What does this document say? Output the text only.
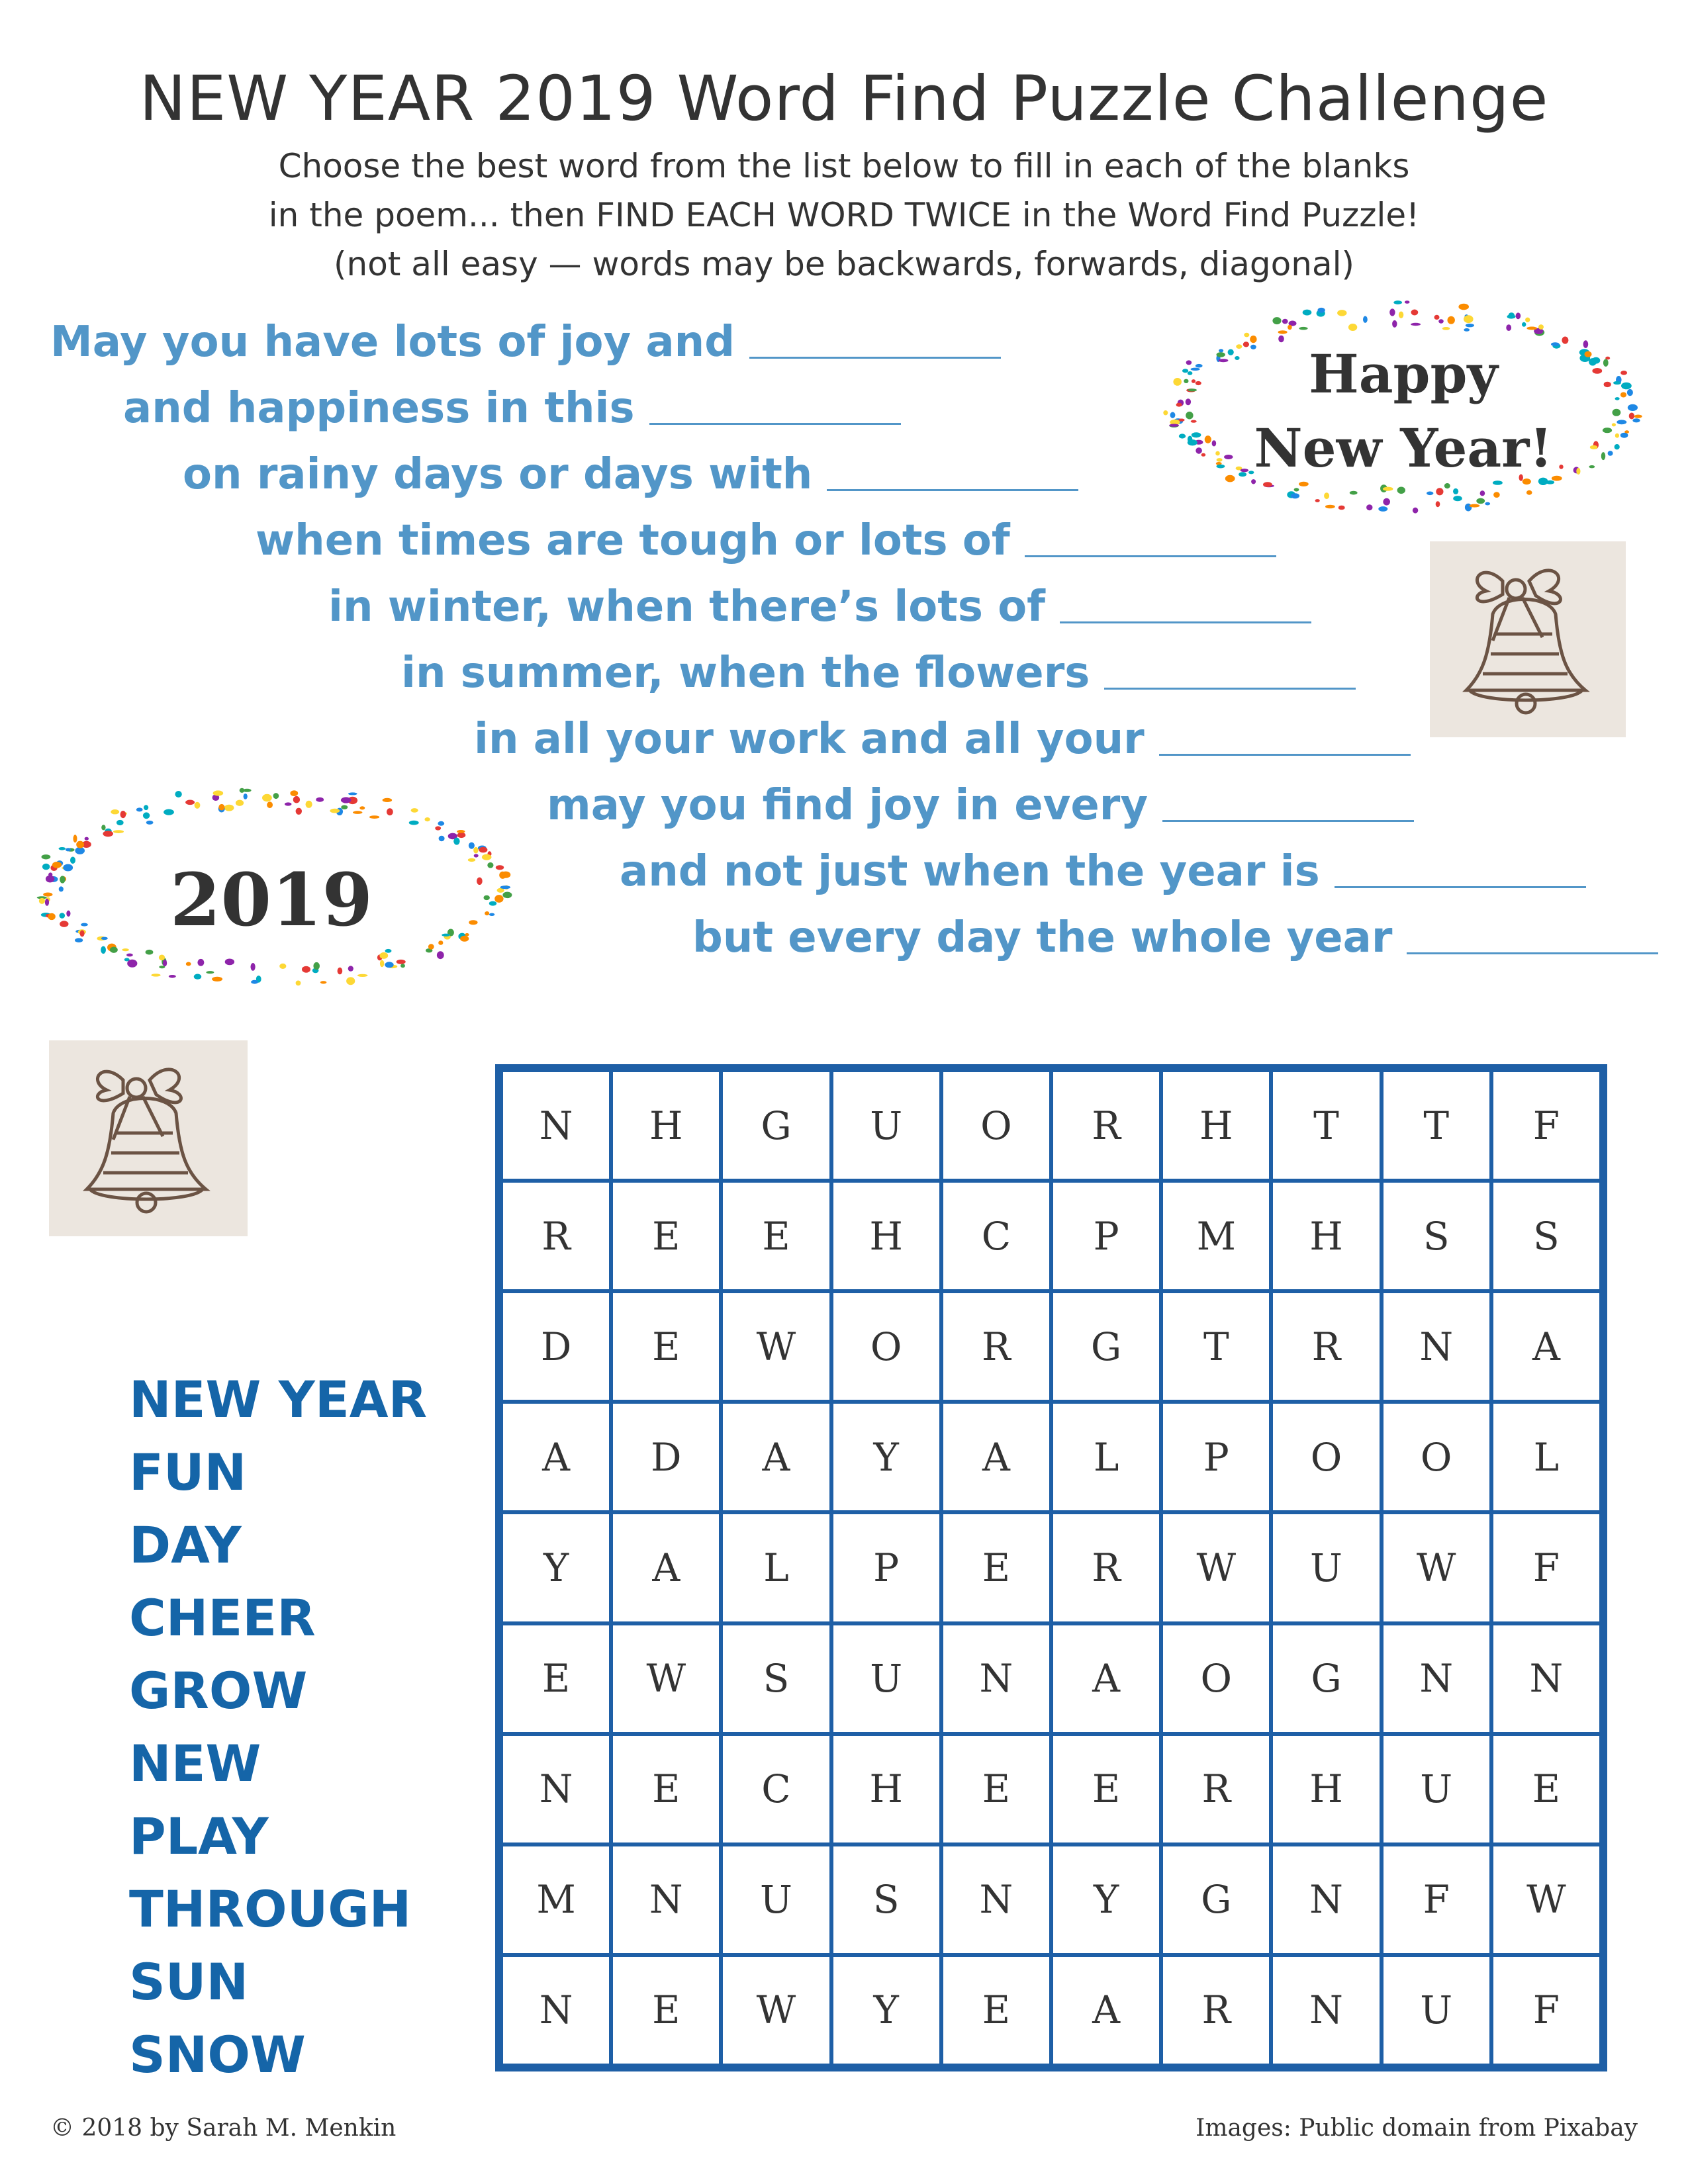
NEW YEAR 2019 Word Find Puzzle Challenge
Choose the best word from the list below to fill in each of the blanks
in the poem... then FIND EACH WORD TWICE in the Word Find Puzzle!
(not all easy — words may be backwards, forwards, diagonal)
May you have lots of joy and
and happiness in this
on rainy days or days with
when times are tough or lots of
in winter, when there’s lots of
in summer, when the flowers
in all your work and all your
may you find joy in every
and not just when the year is
but every day the whole year
Happy
New Year!
2019
NEW YEAR
FUN
DAY
CHEER
GROW
NEW
PLAY
THROUGH
SUN
SNOW
N	H	G	U	O	R	H	T	T	F
R	E	E	H	C	P	M	H	S	S
D	E	W	O	R	G	T	R	N	A
A	D	A	Y	A	L	P	O	O	L
Y	A	L	P	E	R	W	U	W	F
E	W	S	U	N	A	O	G	N	N
N	E	C	H	E	E	R	H	U	E
M	N	U	S	N	Y	G	N	F	W
N	E	W	Y	E	A	R	N	U	F
© 2018 by Sarah M. Menkin	Images: Public domain from Pixabay
